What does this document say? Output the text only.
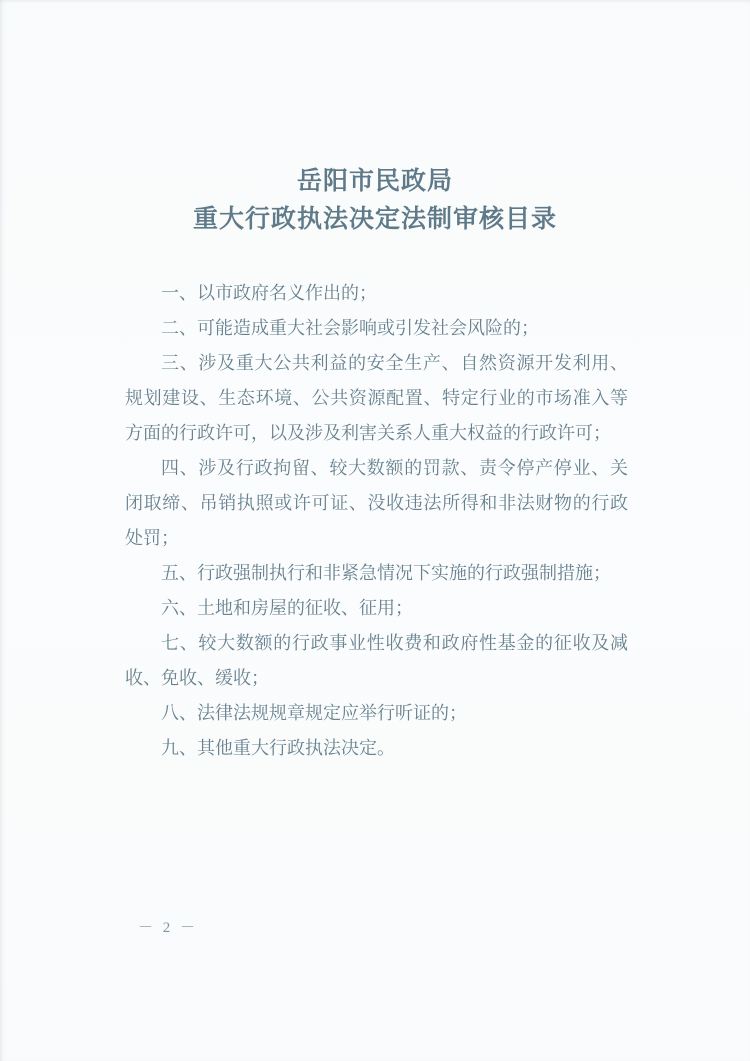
岳阳市民政局
重大行政执法决定法制审核目录

一、以市政府名义作出的；

二、可能造成重大社会影响或引发社会风险的；

三、涉及重大公共利益的安全生产、自然资源开发利用、规划建设、生态环境、公共资源配置、特定行业的市场准入等方面的行政许可，以及涉及利害关系人重大权益的行政许可；

四、涉及行政拘留、较大数额的罚款、责令停产停业、关闭取缔、吊销执照或许可证、没收违法所得和非法财物的行政处罚；

五、行政强制执行和非紧急情况下实施的行政强制措施；

六、土地和房屋的征收、征用；

七、较大数额的行政事业性收费和政府性基金的征收及减收、免收、缓收；

八、法律法规规章规定应举行听证的；

九、其他重大行政执法决定。

－ 2 －
